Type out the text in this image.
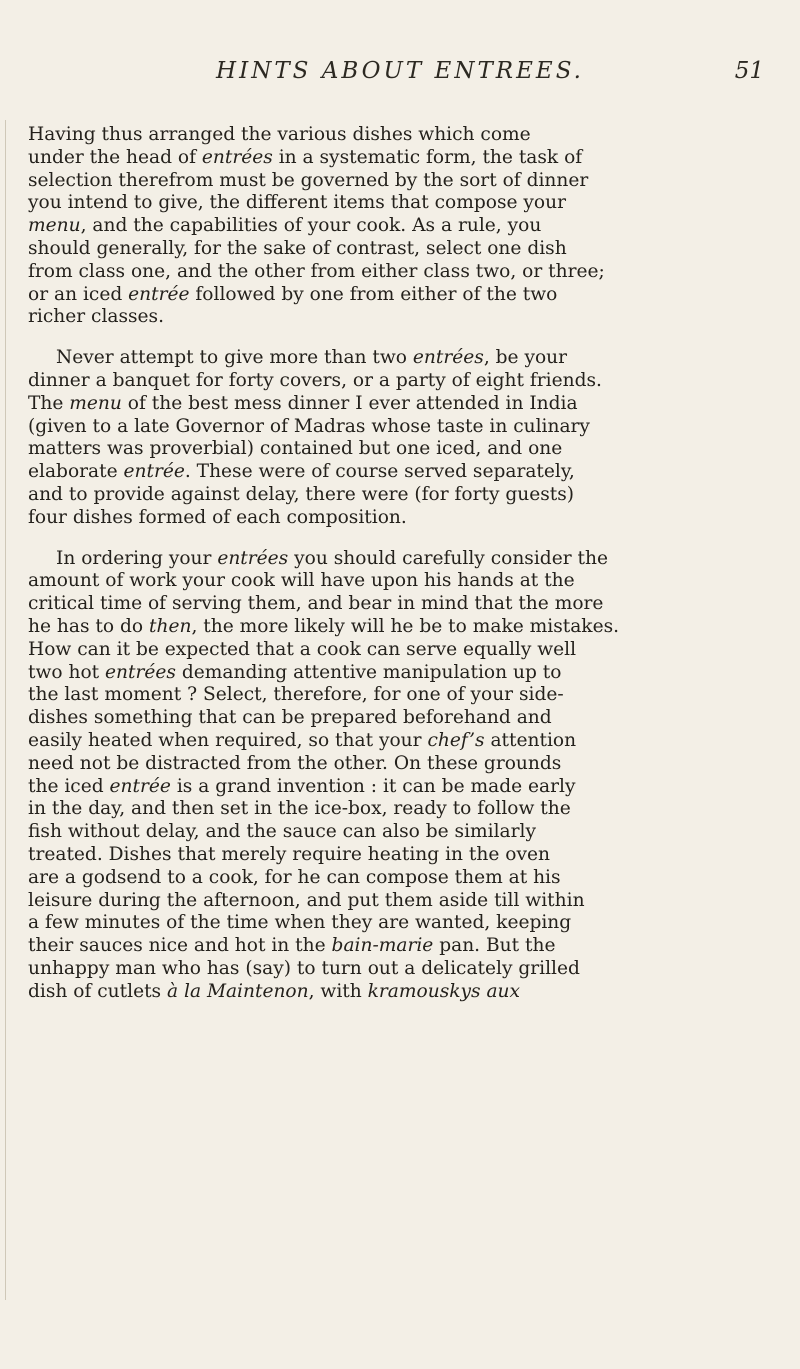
HINTS ABOUT ENTREES.	51
Having thus arranged the various dishes which come
under the head of entrées in a systematic form, the task of
selection therefrom must be governed by the sort of dinner
you intend to give, the different items that compose your
menu, and the capabilities of your cook. As a rule, you
should generally, for the sake of contrast, select one dish
from class one, and the other from either class two, or three;
or an iced entrée followed by one from either of the two
richer classes.
Never attempt to give more than two entrées, be your
dinner a banquet for forty covers, or a party of eight friends.
The menu of the best mess dinner I ever attended in India
(given to a late Governor of Madras whose taste in culinary
matters was proverbial) contained but one iced, and one
elaborate entrée. These were of course served separately,
and to provide against delay, there were (for forty guests)
four dishes formed of each composition.
In ordering your entrées you should carefully consider the
amount of work your cook will have upon his hands at the
critical time of serving them, and bear in mind that the more
he has to do then, the more likely will he be to make mistakes.
How can it be expected that a cook can serve equally well
two hot entrées demanding attentive manipulation up to
the last moment ? Select, therefore, for one of your side-
dishes something that can be prepared beforehand and
easily heated when required, so that your chef’s attention
need not be distracted from the other. On these grounds
the iced entrée is a grand invention : it can be made early
in the day, and then set in the ice-box, ready to follow the
fish without delay, and the sauce can also be similarly
treated. Dishes that merely require heating in the oven
are a godsend to a cook, for he can compose them at his
leisure during the afternoon, and put them aside till within
a few minutes of the time when they are wanted, keeping
their sauces nice and hot in the bain-marie pan. But the
unhappy man who has (say) to turn out a delicately grilled
dish of cutlets à la Maintenon, with kramouskys aux
